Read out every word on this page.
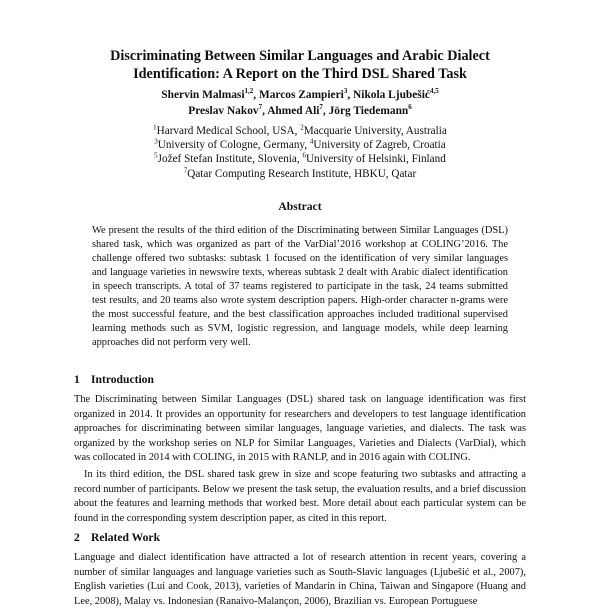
Discriminating Between Similar Languages and Arabic Dialect
Identification: A Report on the Third DSL Shared Task
Shervin Malmasi$^{1,2}$, Marcos Zampieri$^3$, Nikola Ljubešić$^{4,5}$
Preslav Nakov$^7$, Ahmed Ali$^7$, Jörg Tiedemann$^6$
$^1$Harvard Medical School, USA, $^2$Macquarie University, Australia
$^3$University of Cologne, Germany, $^4$University of Zagreb, Croatia
$^5$Jožef Stefan Institute, Slovenia, $^6$University of Helsinki, Finland
$^7$Qatar Computing Research Institute, HBKU, Qatar
Abstract
We present the results of the third edition of the Discriminating between Similar Languages (DSL) shared task, which was organized as part of the VarDial’2016 workshop at COLING’2016. The challenge offered two subtasks: subtask 1 focused on the identification of very similar languages and language varieties in newswire texts, whereas subtask 2 dealt with Arabic dialect identification in speech transcripts. A total of 37 teams registered to participate in the task, 24 teams submitted test results, and 20 teams also wrote system description papers. High-order character n-grams were the most successful feature, and the best classification approaches included traditional supervised learning methods such as SVM, logistic regression, and language models, while deep learning approaches did not perform very well.
1 Introduction

The Discriminating between Similar Languages (DSL) shared task on language identification was first organized in 2014. It provides an opportunity for researchers and developers to test language identification approaches for discriminating between similar languages, language varieties, and dialects. The task was organized by the workshop series on NLP for Similar Languages, Varieties and Dialects (VarDial), which was collocated in 2014 with COLING, in 2015 with RANLP, and in 2016 again with COLING.

In its third edition, the DSL shared task grew in size and scope featuring two subtasks and attracting a record number of participants. Below we present the task setup, the evaluation results, and a brief discussion about the features and learning methods that worked best. More detail about each particular system can be found in the corresponding system description paper, as cited in this report.

2 Related Work

Language and dialect identification have attracted a lot of research attention in recent years, covering a number of similar languages and language varieties such as South-Slavic languages (Ljubešić et al., 2007), English varieties (Lui and Cook, 2013), varieties of Mandarin in China, Taiwan and Singapore (Huang and Lee, 2008), Malay vs. Indonesian (Ranaivo-Malançon, 2006), Brazilian vs. European Portuguese
